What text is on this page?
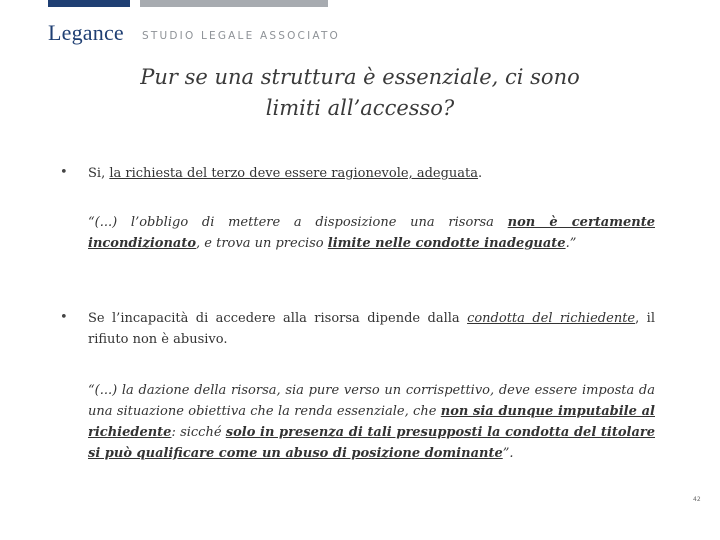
Legance STUDIO LEGALE ASSOCIATO
Pur se una struttura è essenziale, ci sono
limiti all’accesso?
• Si, la richiesta del terzo deve essere ragionevole, adeguata.
“(...) l’obbligo di mettere a disposizione una risorsa non è certamente incondizionato, e trova un preciso limite nelle condotte inadeguate.”
• Se l’incapacità di accedere alla risorsa dipende dalla condotta del richiedente, il rifiuto non è abusivo.
“(...) la dazione della risorsa, sia pure verso un corrispettivo, deve essere imposta da una situazione obiettiva che la renda essenziale, che non sia dunque imputabile al richiedente: sicché solo in presenza di tali presupposti la condotta del titolare si può qualificare come un abuso di posizione dominante”.
42
